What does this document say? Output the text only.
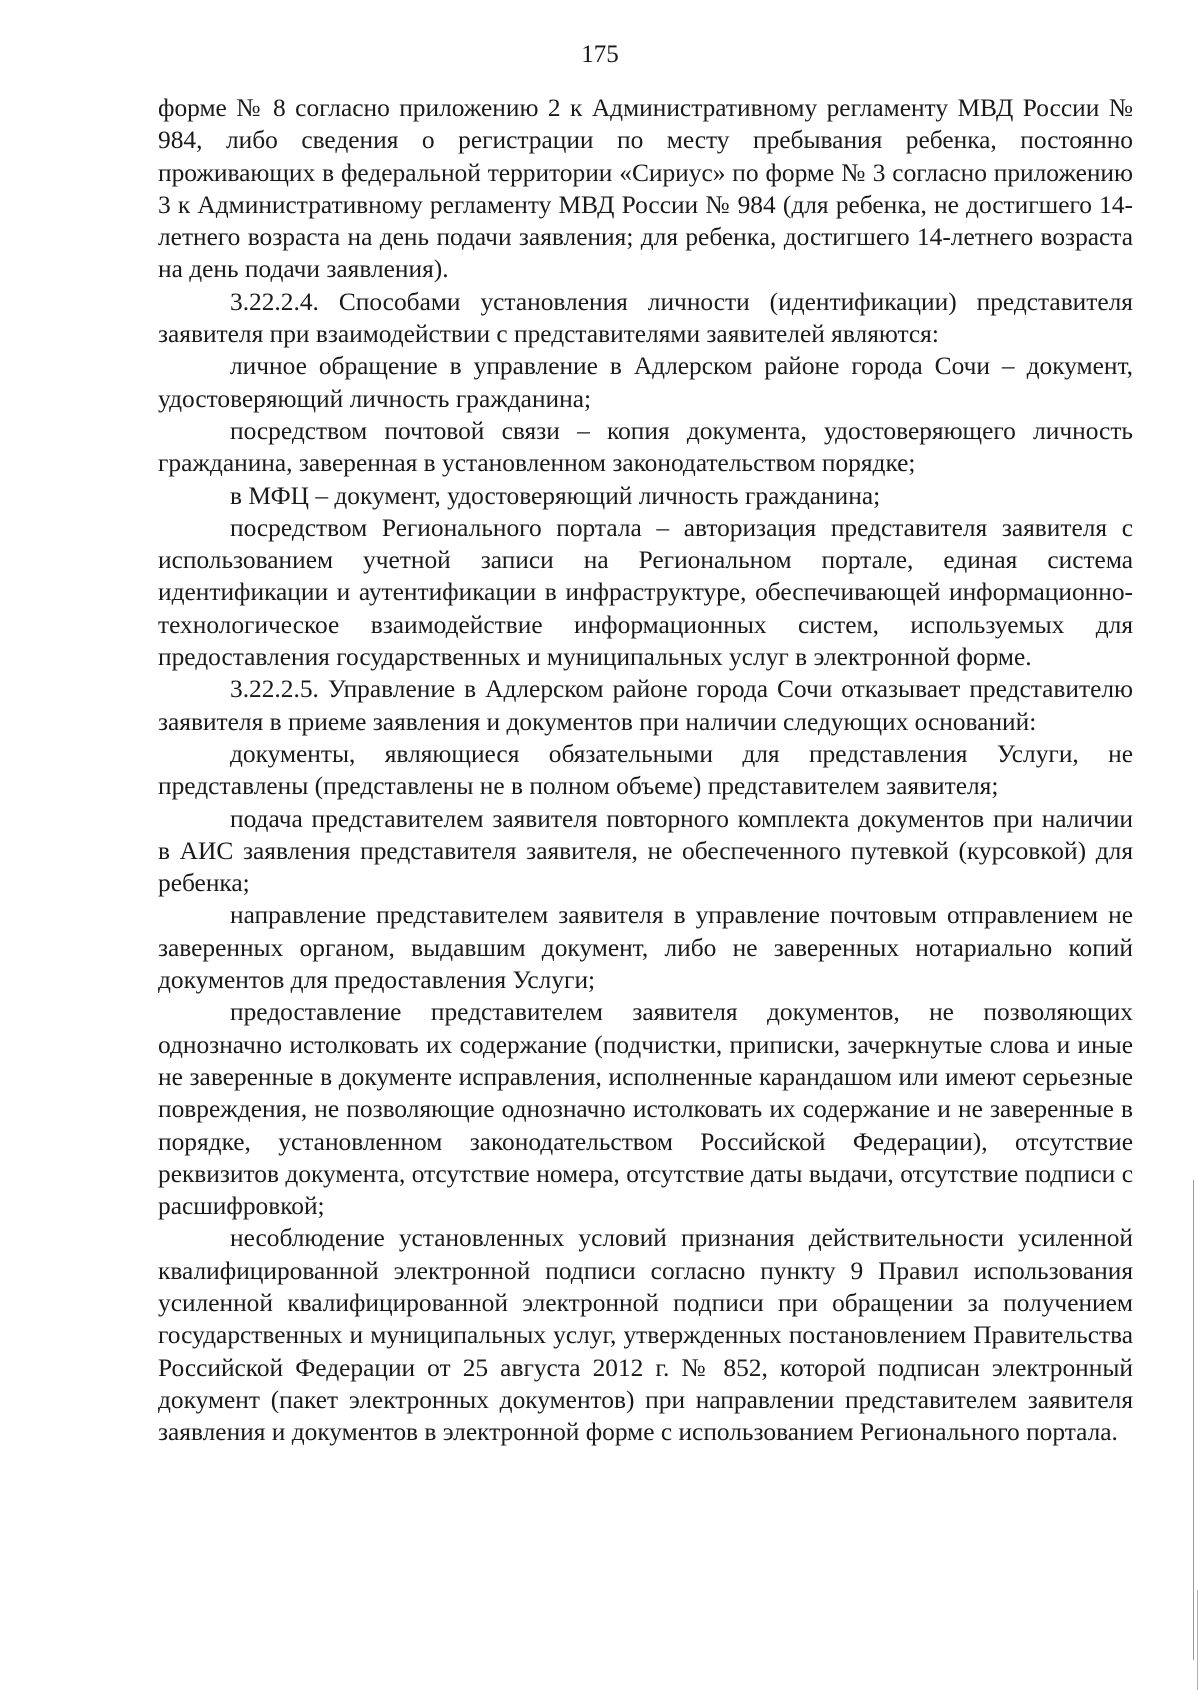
175

форме № 8 согласно приложению 2 к Административному регламенту МВД России № 984, либо сведения о регистрации по месту пребывания ребенка, постоянно проживающих в федеральной территории «Сириус» по форме № 3 согласно приложению 3 к Административному регламенту МВД России № 984 (для ребенка, не достигшего 14-летнего возраста на день подачи заявления; для ребенка, достигшего 14-летнего возраста на день подачи заявления).

3.22.2.4. Способами установления личности (идентификации) представителя заявителя при взаимодействии с представителями заявителей являются:

личное обращение в управление в Адлерском районе города Сочи – документ, удостоверяющий личность гражданина;

посредством почтовой связи – копия документа, удостоверяющего личность гражданина, заверенная в установленном законодательством порядке;

в МФЦ – документ, удостоверяющий личность гражданина;

посредством Регионального портала – авторизация представителя заявителя с использованием учетной записи на Региональном портале, единая система идентификации и аутентификации в инфраструктуре, обеспечивающей информационно-технологическое взаимодействие информационных систем, используемых для предоставления государственных и муниципальных услуг в электронной форме.

3.22.2.5. Управление в Адлерском районе города Сочи отказывает представителю заявителя в приеме заявления и документов при наличии следующих оснований:

документы, являющиеся обязательными для представления Услуги, не представлены (представлены не в полном объеме) представителем заявителя;

подача представителем заявителя повторного комплекта документов при наличии в АИС заявления представителя заявителя, не обеспеченного путевкой (курсовкой) для ребенка;

направление представителем заявителя в управление почтовым отправлением не заверенных органом, выдавшим документ, либо не заверенных нотариально копий документов для предоставления Услуги;

предоставление представителем заявителя документов, не позволяющих однозначно истолковать их содержание (подчистки, приписки, зачеркнутые слова и иные не заверенные в документе исправления, исполненные карандашом или имеют серьезные повреждения, не позволяющие однозначно истолковать их содержание и не заверенные в порядке, установленном законодательством Российской Федерации), отсутствие реквизитов документа, отсутствие номера, отсутствие даты выдачи, отсутствие подписи с расшифровкой;

несоблюдение установленных условий признания действительности усиленной квалифицированной электронной подписи согласно пункту 9 Правил использования усиленной квалифицированной электронной подписи при обращении за получением государственных и муниципальных услуг, утвержденных постановлением Правительства Российской Федерации от 25 августа 2012 г. № 852, которой подписан электронный документ (пакет электронных документов) при направлении представителем заявителя заявления и документов в электронной форме с использованием Регионального портала.
